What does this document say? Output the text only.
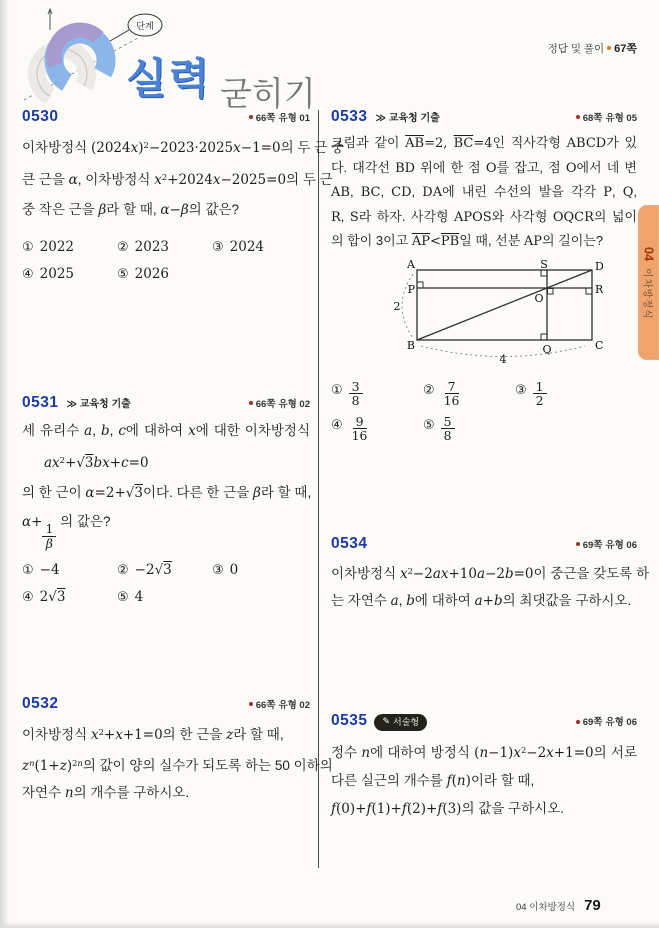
단계
실력 굳히기
정답 및 풀이 67쪽
0530	66쪽 유형 01
이차방정식 $(2024x)^2-2023\cdot 2025x-1=0$의 두 근 중
큰 근을 α, 이차방정식 $x^2+2024x-2025=0$의 두 근
중 작은 근을 β라 할 때, α−β의 값은?
① 2022	② 2023	③ 2024
④ 2025	⑤ 2026
0531 ≫ 교육청 기출	66쪽 유형 02
세 유리수 a, b, c에 대하여 x에 대한 이차방정식
$ax^2+√3bx+c=0$
의 한 근이 α=2+√3이다. 다른 한 근을 β라 할 때,
$\alpha+ \frac{1}{\beta}$
의 값은?
① −4	② −2√3	③ 0
④ 2√3	⑤ 4
0532	66쪽 유형 02
이차방정식 $x^2+x+1=0$의 한 근을 z라 할 때,
$z^n(1+z)^{2n}$의 값이 양의 실수가 되도록 하는 50 이하의
자연수 n의 개수를 구하시오.
0533 ≫ 교육청 기출	68쪽 유형 05
그림과 같이 $\overline{AB}=2$, $\overline{BC}=4$인 직사각형 ABCD가 있
다. 대각선 BD 위에 한 점 O를 잡고, 점 O에서 네 변
AB, BC, CD, DA에 내린 수선의 발을 각각 P, Q,
R, S라 하자. 사각형 APOS와 사각형 OQCR의 넓이
의 합이 3이고 $\overline{AP}<\overline{PB}$일 때, 선분 AP의 길이는?
A	S	D
P
O
R
B	Q	C
2
4
① $\frac{3}{8}$	② $\frac{7}{16}$	③ $\frac{1}{2}$
④ $\frac{9}{16}$	⑤ $\frac{5}{8}$
0534	69쪽 유형 06
이차방정식 $x^2-2ax+10a-2b=0$이 중근을 갖도록 하
는 자연수 a, b에 대하여 a+b의 최댓값을 구하시오.
0535 ✎ 서술형	69쪽 유형 06
정수 n에 대하여 방정식 $(n-1)x^2-2x+1=0$의 서로
다른 실근의 개수를 f(n)이라 할 때,
f(0)+f(1)+f(2)+f(3)의 값을 구하시오.
04이차방정식
04 이차방정식 79
